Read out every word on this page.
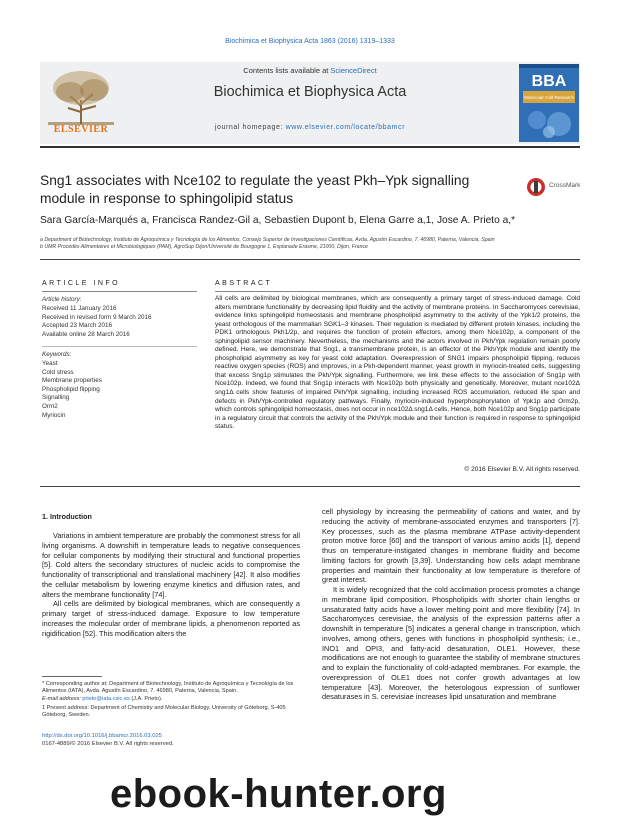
Biochimica et Biophysica Acta 1863 (2016) 1319–1333
ELSEVIER
Contents lists available at ScienceDirect
Biochimica et Biophysica Acta
journal homepage: www.elsevier.com/locate/bbamcr
BBA
Molecular Cell Research
Sng1 associates with Nce102 to regulate the yeast Pkh–Ypk signalling module in response to sphingolipid status
CrossMark
Sara García-Marqués a, Francisca Randez-Gil a, Sebastien Dupont b, Elena Garre a,1, Jose A. Prieto a,*
a Department of Biotechnology, Instituto de Agroquímica y Tecnología de los Alimentos, Consejo Superior de Investigaciones Científicas, Avda. Agustín Escardino, 7. 46980, Paterna, Valencia, Spain
b UMR Procédés Alimentaires et Microbiologiques (PAM), AgroSup Dijon/Université de Bourgogne 1, Esplanade Erasme, 21000, Dijon, France
ARTICLE INFO
Article history:
Received 11 January 2016
Received in revised form 9 March 2016
Accepted 23 March 2016
Available online 28 March 2016
Keywords:
Yeast
Cold stress
Membrane properties
Phospholipid flipping
Signalling
Orm2
Myriocin
ABSTRACT
All cells are delimited by biological membranes, which are consequently a primary target of stress-induced damage. Cold alters membrane functionality by decreasing lipid fluidity and the activity of membrane proteins. In Saccharomyces cerevisiae, evidence links sphingolipid homeostasis and membrane phospholipid asymmetry to the activity of the Ypk1/2 proteins, the yeast orthologous of the mammalian SGK1–3 kinases. Their regulation is mediated by different protein kinases, including the PDK1 orthologous Pkh1/2p, and requires the function of protein effectors, among them Nce102p, a component of the sphingolipid sensor machinery. Nevertheless, the mechanisms and the actors involved in Pkh/Ypk regulation remain poorly defined. Here, we demonstrate that Sng1, a transmembrane protein, is an effector of the Pkh/Ypk module and identify the phospholipid asymmetry as key for yeast cold adaptation. Overexpression of SNG1 impairs phospholipid flipping, reduces reactive oxygen species (ROS) and improves, in a Pkh-dependent manner, yeast growth in myriocin-treated cells, suggesting that excess Sng1p stimulates the Pkh/Ypk signalling. Furthermore, we link these effects to the association of Sng1p with Nce102p. Indeed, we found that Sng1p interacts with Nce102p both physically and genetically. Moreover, mutant nce102Δ sng1Δ cells show features of impaired Pkh/Ypk signalling, including increased ROS accumulation, reduced life span and defects in Pkh/Ypk-controlled regulatory pathways. Finally, myriocin-induced hyperphosphorylation of Ypk1p and Orm2p, which controls sphingolipid homeostasis, does not occur in nce102Δ sng1Δ cells. Hence, both Nce102p and Sng1p participate in a regulatory circuit that controls the activity of the Pkh/Ypk module and their function is required in response to sphingolipid status.
© 2016 Elsevier B.V. All rights reserved.
1. Introduction

Variations in ambient temperature are probably the commonest stress for all living organisms. A downshift in temperature leads to negative consequences for cellular components by modifying their structural and functional properties [5]. Cold alters the secondary structures of nucleic acids to compromise the functionality of transcriptional and translational machinery [42]. It also modifies the cellular metabolism by lowering enzyme kinetics and diffusion rates, and alters the membrane functionality [74].

All cells are delimited by biological membranes, which are consequently a primary target of stress-induced damage. Exposure to low temperature increases the molecular order of membrane lipids, a phenomenon reported as rigidification [52]. This modification alters the

cell physiology by increasing the permeability of cations and water, and by reducing the activity of membrane-associated enzymes and transporters [7]. Key processes, such as the plasma membrane ATPase activity-dependent proton motive force [60] and the transport of various amino acids [1], depend thus on temperature-instigated changes in membrane fluidity and become limiting factors for growth [3,39]. Understanding how cells adapt membrane properties and maintain their functionality at low temperature is therefore of great interest.

It is widely recognized that the cold acclimation process promotes a change in membrane lipid composition. Phospholipids with shorter chain lengths or unsaturated fatty acids have a lower melting point and more flexibility [74]. In Saccharomyces cerevisiae, the analysis of the expression patterns after a downshift in temperature [5] indicates a general change in transcription, which involves, among others, genes with functions in phospholipid synthesis; i.e., INO1 and OPI3, and fatty-acid desaturation, OLE1. However, these modifications are not enough to guarantee the stability of membrane structures and to explain the functionality of cold-adapted membranes. For example, the overexpression of OLE1 does not confer growth advantages at low temperature [43]. Moreover, the heterologous expression of sunflower desaturases in S. cerevisiae increases lipid unsaturation and membrane

* Corresponding author at: Department of Biotechnology, Instituto de Agroquímica y Tecnología de los Alimentos (IATA), Avda. Agustín Escardino, 7. 46980, Paterna, Valencia, Spain.

E-mail address: prieto@iata.csic.es (J.A. Prieto).

1 Present address: Department of Chemistry and Molecular Biology, University of Göteborg, S-405 Göteborg, Sweden.

http://dx.doi.org/10.1016/j.bbamcr.2016.03.025
0167-4889/© 2016 Elsevier B.V. All rights reserved.
ebook-hunter.org
